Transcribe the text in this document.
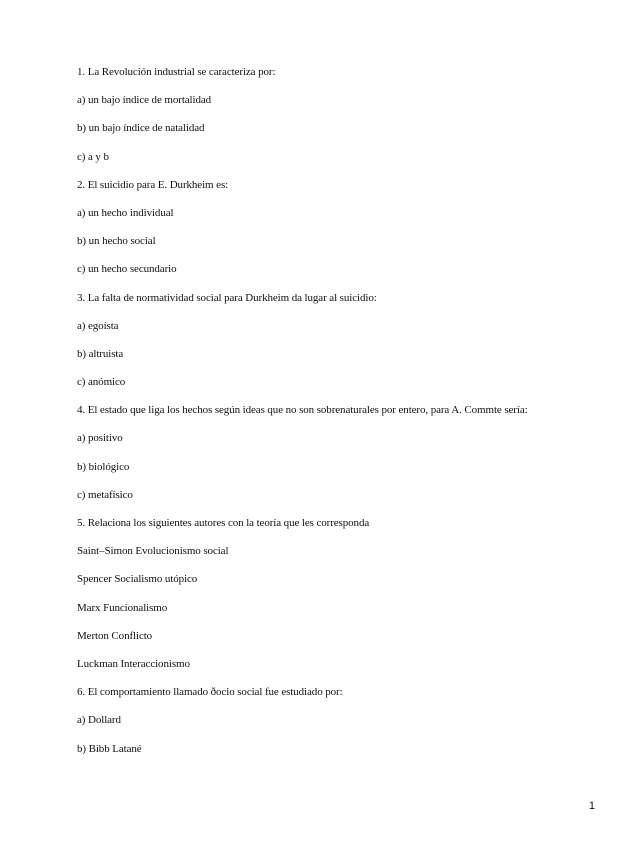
1. La Revolución industrial se caracteriza por:
a) un bajo índice de mortalidad
b) un bajo índice de natalidad
c) a y b
2. El suicidio para E. Durkheim es:
a) un hecho individual
b) un hecho social
c) un hecho secundario
3. La falta de normatividad social para Durkheim da lugar al suicidio:
a) egoísta
b) altruista
c) anómico
4. El estado que liga los hechos según ideas que no son sobrenaturales por entero, para A. Commte sería:
a) positivo
b) biológico
c) metafísico
5. Relaciona los siguientes autores con la teoría que les corresponda
Saint–Simon Evolucionismo social
Spencer Socialismo utópico
Marx Funcionalismo
Merton Conflicto
Luckman Interaccionismo
6. El comportamiento llamado ðocio social fue estudiado por:
a) Dollard
b) Bibb Latané
1
